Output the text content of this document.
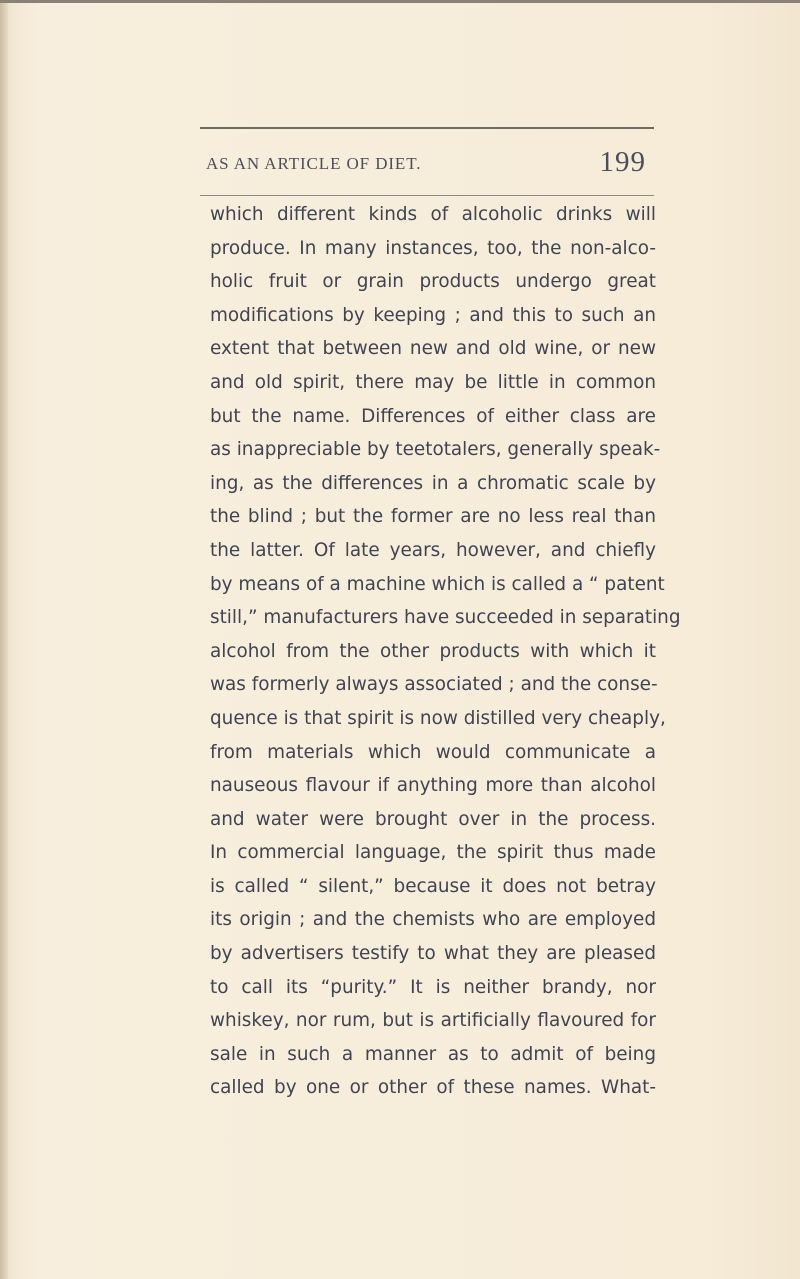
AS AN ARTICLE OF DIET.	199
which different kinds of alcoholic drinks will
produce. In many instances, too, the non-alco-
holic fruit or grain products undergo great
modifications by keeping ; and this to such an
extent that between new and old wine, or new
and old spirit, there may be little in common
but the name. Differences of either class are
as inappreciable by teetotalers, generally speak-
ing, as the differences in a chromatic scale by
the blind ; but the former are no less real than
the latter. Of late years, however, and chiefly
by means of a machine which is called a “ patent
still,” manufacturers have succeeded in separating
alcohol from the other products with which it
was formerly always associated ; and the conse-
quence is that spirit is now distilled very cheaply,
from materials which would communicate a
nauseous flavour if anything more than alcohol
and water were brought over in the process.
In commercial language, the spirit thus made
is called “ silent,” because it does not betray
its origin ; and the chemists who are employed
by advertisers testify to what they are pleased
to call its “purity.” It is neither brandy, nor
whiskey, nor rum, but is artificially flavoured for
sale in such a manner as to admit of being
called by one or other of these names. What-
